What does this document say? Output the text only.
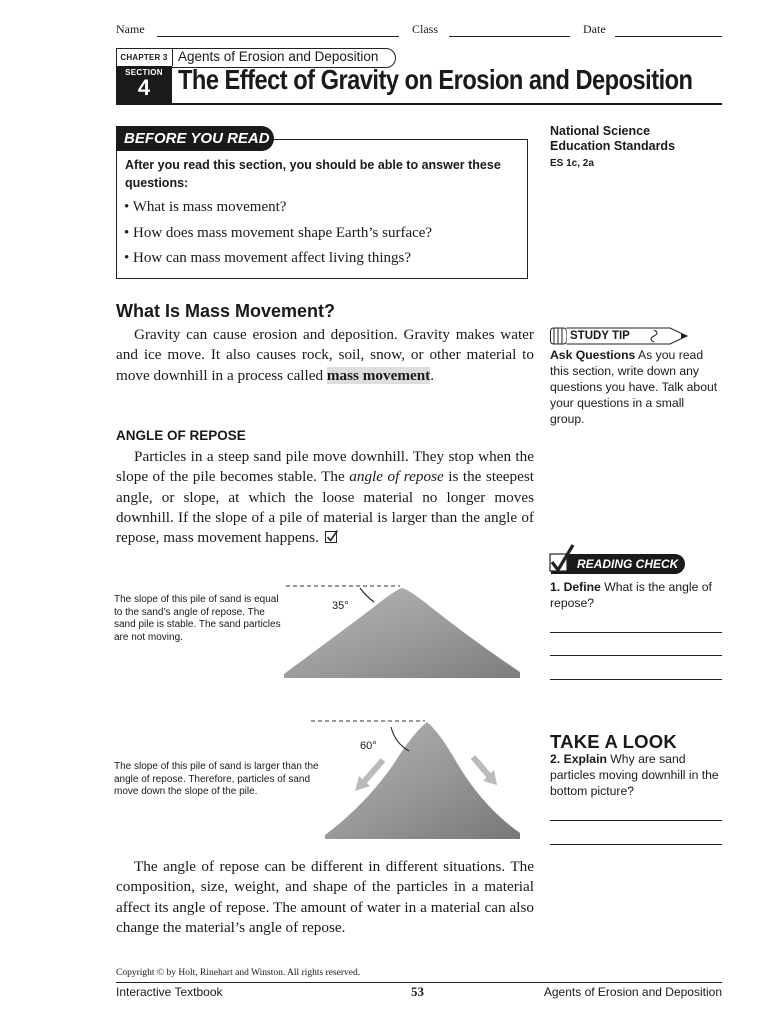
Name	Class	Date
CHAPTER 3 Agents of Erosion and Deposition
SECTION
4	The Effect of Gravity on Erosion and Deposition
BEFORE YOU READ
After you read this section, you should be able to answer these questions:
• What is mass movement?
• How does mass movement shape Earth’s surface?
• How can mass movement affect living things?
National Science
Education Standards
ES 1c, 2a
What Is Mass Movement?
Gravity can cause erosion and deposition. Gravity makes water and ice move. It also causes rock, soil, snow, or other material to move downhill in a process called mass movement.
ANGLE OF REPOSE
Particles in a steep sand pile move downhill. They stop when the slope of the pile becomes stable. The angle of repose is the steepest angle, or slope, at which the loose material no longer moves downhill. If the slope of a pile of material is larger than the angle of repose, mass movement happens.
The slope of this pile of sand is equal to the sand’s angle of repose. The sand pile is stable. The sand particles are not moving.
35°
The slope of this pile of sand is larger than the angle of repose. Therefore, particles of sand move down the slope of the pile.
60°
The angle of repose can be different in different situations. The composition, size, weight, and shape of the particles in a material affect its angle of repose. The amount of water in a material can also change the material’s angle of repose.
STUDY TIP
Ask Questions As you read this section, write down any questions you have. Talk about your questions in a small group.
READING CHECK
1. Define What is the angle of repose?
TAKE A LOOK
2. Explain Why are sand particles moving downhill in the bottom picture?
Copyright © by Holt, Rinehart and Winston. All rights reserved.
Interactive Textbook	53	Agents of Erosion and Deposition
